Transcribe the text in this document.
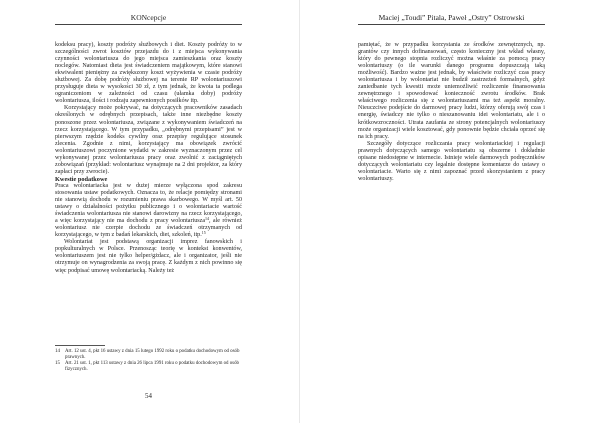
KONcepcje

kodeksu pracy), koszty podróży służbowych i diet. Koszty podróży to w szczególności zwrot kosztów przejazdu do i z miejsca wykonywania czynności wolontariusza do jego miejsca zamieszkania oraz koszty noclegów. Natomiast dieta jest świadczeniem majątkowym, które stanowi ekwiwalent pieniężny za zwiększony koszt wyżywienia w czasie podróży służbowej. Za dobę podróży służbowej na terenie RP wolontariuszowi przysługuje dieta w wysokości 30 zł, z tym jednak, że kwota ta podlega ograniczeniom w zależności od czasu (ułamka doby) podróży wolontariusza, ilości i rodzaju zapewnionych posiłków itp.

Korzystający może pokrywać, na dotyczących pracowników zasadach określonych w odrębnych przepisach, także inne niezbędne koszty ponoszone przez wolontariusza, związane z wykonywaniem świadczeń na rzecz korzystającego. W tym przypadku, „odrębnymi przepisami” jest w pierwszym rzędzie kodeks cywilny oraz przepisy regulujące stosunek zlecenia. Zgodnie z nimi, korzystający ma obowiązek zwrócić wolontariuszowi poczynione wydatki w zakresie wyznaczonym przez cel wykonywanej przez wolontariusza pracy oraz zwolnić z zaciągniętych zobowiązań (przykład: wolontariusz wynajmuje na 2 dni projektor, za który zapłaci przy zwrocie).

Kwestie podatkowe

Praca wolontariacka jest w dużej mierze wyłączona spod zakresu stosowania ustaw podatkowych. Oznacza to, że relacje pomiędzy stronami nie stanowią dochodu w rozumieniu prawa skarbowego. W myśl art. 50 ustawy o działalności pożytku publicznego i o wolontariacie wartość świadczenia wolontariusza nie stanowi darowizny na rzecz korzystającego, a więc korzystający nie ma dochodu z pracy wolontariusza$^{14}$, ale również wolontariusz nie czerpie dochodu ze świadczeń otrzymanych od korzystającego, w tym z badań lekarskich, diet, szkoleń, itp.$^{15}$

Wolontariat jest podstawą organizacji imprez fanowskich i popkulturalnych w Polsce. Przenosząc teorię w kontekst konwentów, wolontariuszem jest nie tylko helper/gżdacz, ale i organizator, jeśli nie otrzymuje on wynagrodzenia za swoją pracę. Z każdym z nich powinno się więc podpisać umowę wolontariacką. Należy też

14	Art. 12 ust. 4, pkt 16 ustawy z dnia 15 lutego 1992 roku o podatku dochodowym od osób prawnych.
15	Art. 21 ust. 1, pkt 113 ustawy z dnia 26 lipca 1991 roku o podatku dochodowym od osób fizycznych.
54
Maciej „Toudi” Pitala, Paweł „Ostry” Ostrowski

pamiętać, że w przypadku korzystania ze środków zewnętrznych, np. grantów czy innych dofinansowań, często konieczny jest wkład własny, który do pewnego stopnia rozliczyć można właśnie za pomocą pracy wolontariuszy (o ile warunki danego programu dopuszczają taką możliwość). Bardzo ważne jest jednak, by właściwie rozliczyć czas pracy wolontariusza i by wolontariat nie budził zastrzeżeń formalnych, gdyż zaniedbanie tych kwestii może uniemożliwić rozliczenie finansowania zewnętrznego i spowodować konieczność zwrotu środków. Brak właściwego rozliczenia się z wolontariuszami ma też aspekt moralny. Nieuczciwe podejście do darmowej pracy ludzi, którzy oferują swój czas i energię, świadczy nie tylko o nieszanowaniu idei wolontariatu, ale i o krótkowzroczności. Utrata zaufania ze strony potencjalnych wolontariuszy może organizacji wiele kosztować, gdy ponownie będzie chciała oprzeć się na ich pracy.

Szczegóły dotyczące rozliczania pracy wolontariackiej i regulacji prawnych dotyczących samego wolontariatu są obszerne i dokładnie opisane niedostępne w internecie. Istnieje wiele darmowych podręczników dotyczących wolontariatu czy legalnie dostępne komentarze do ustawy o wolontariacie. Warto się z nimi zapoznać przed skorzystaniem z pracy wolontariuszy.
